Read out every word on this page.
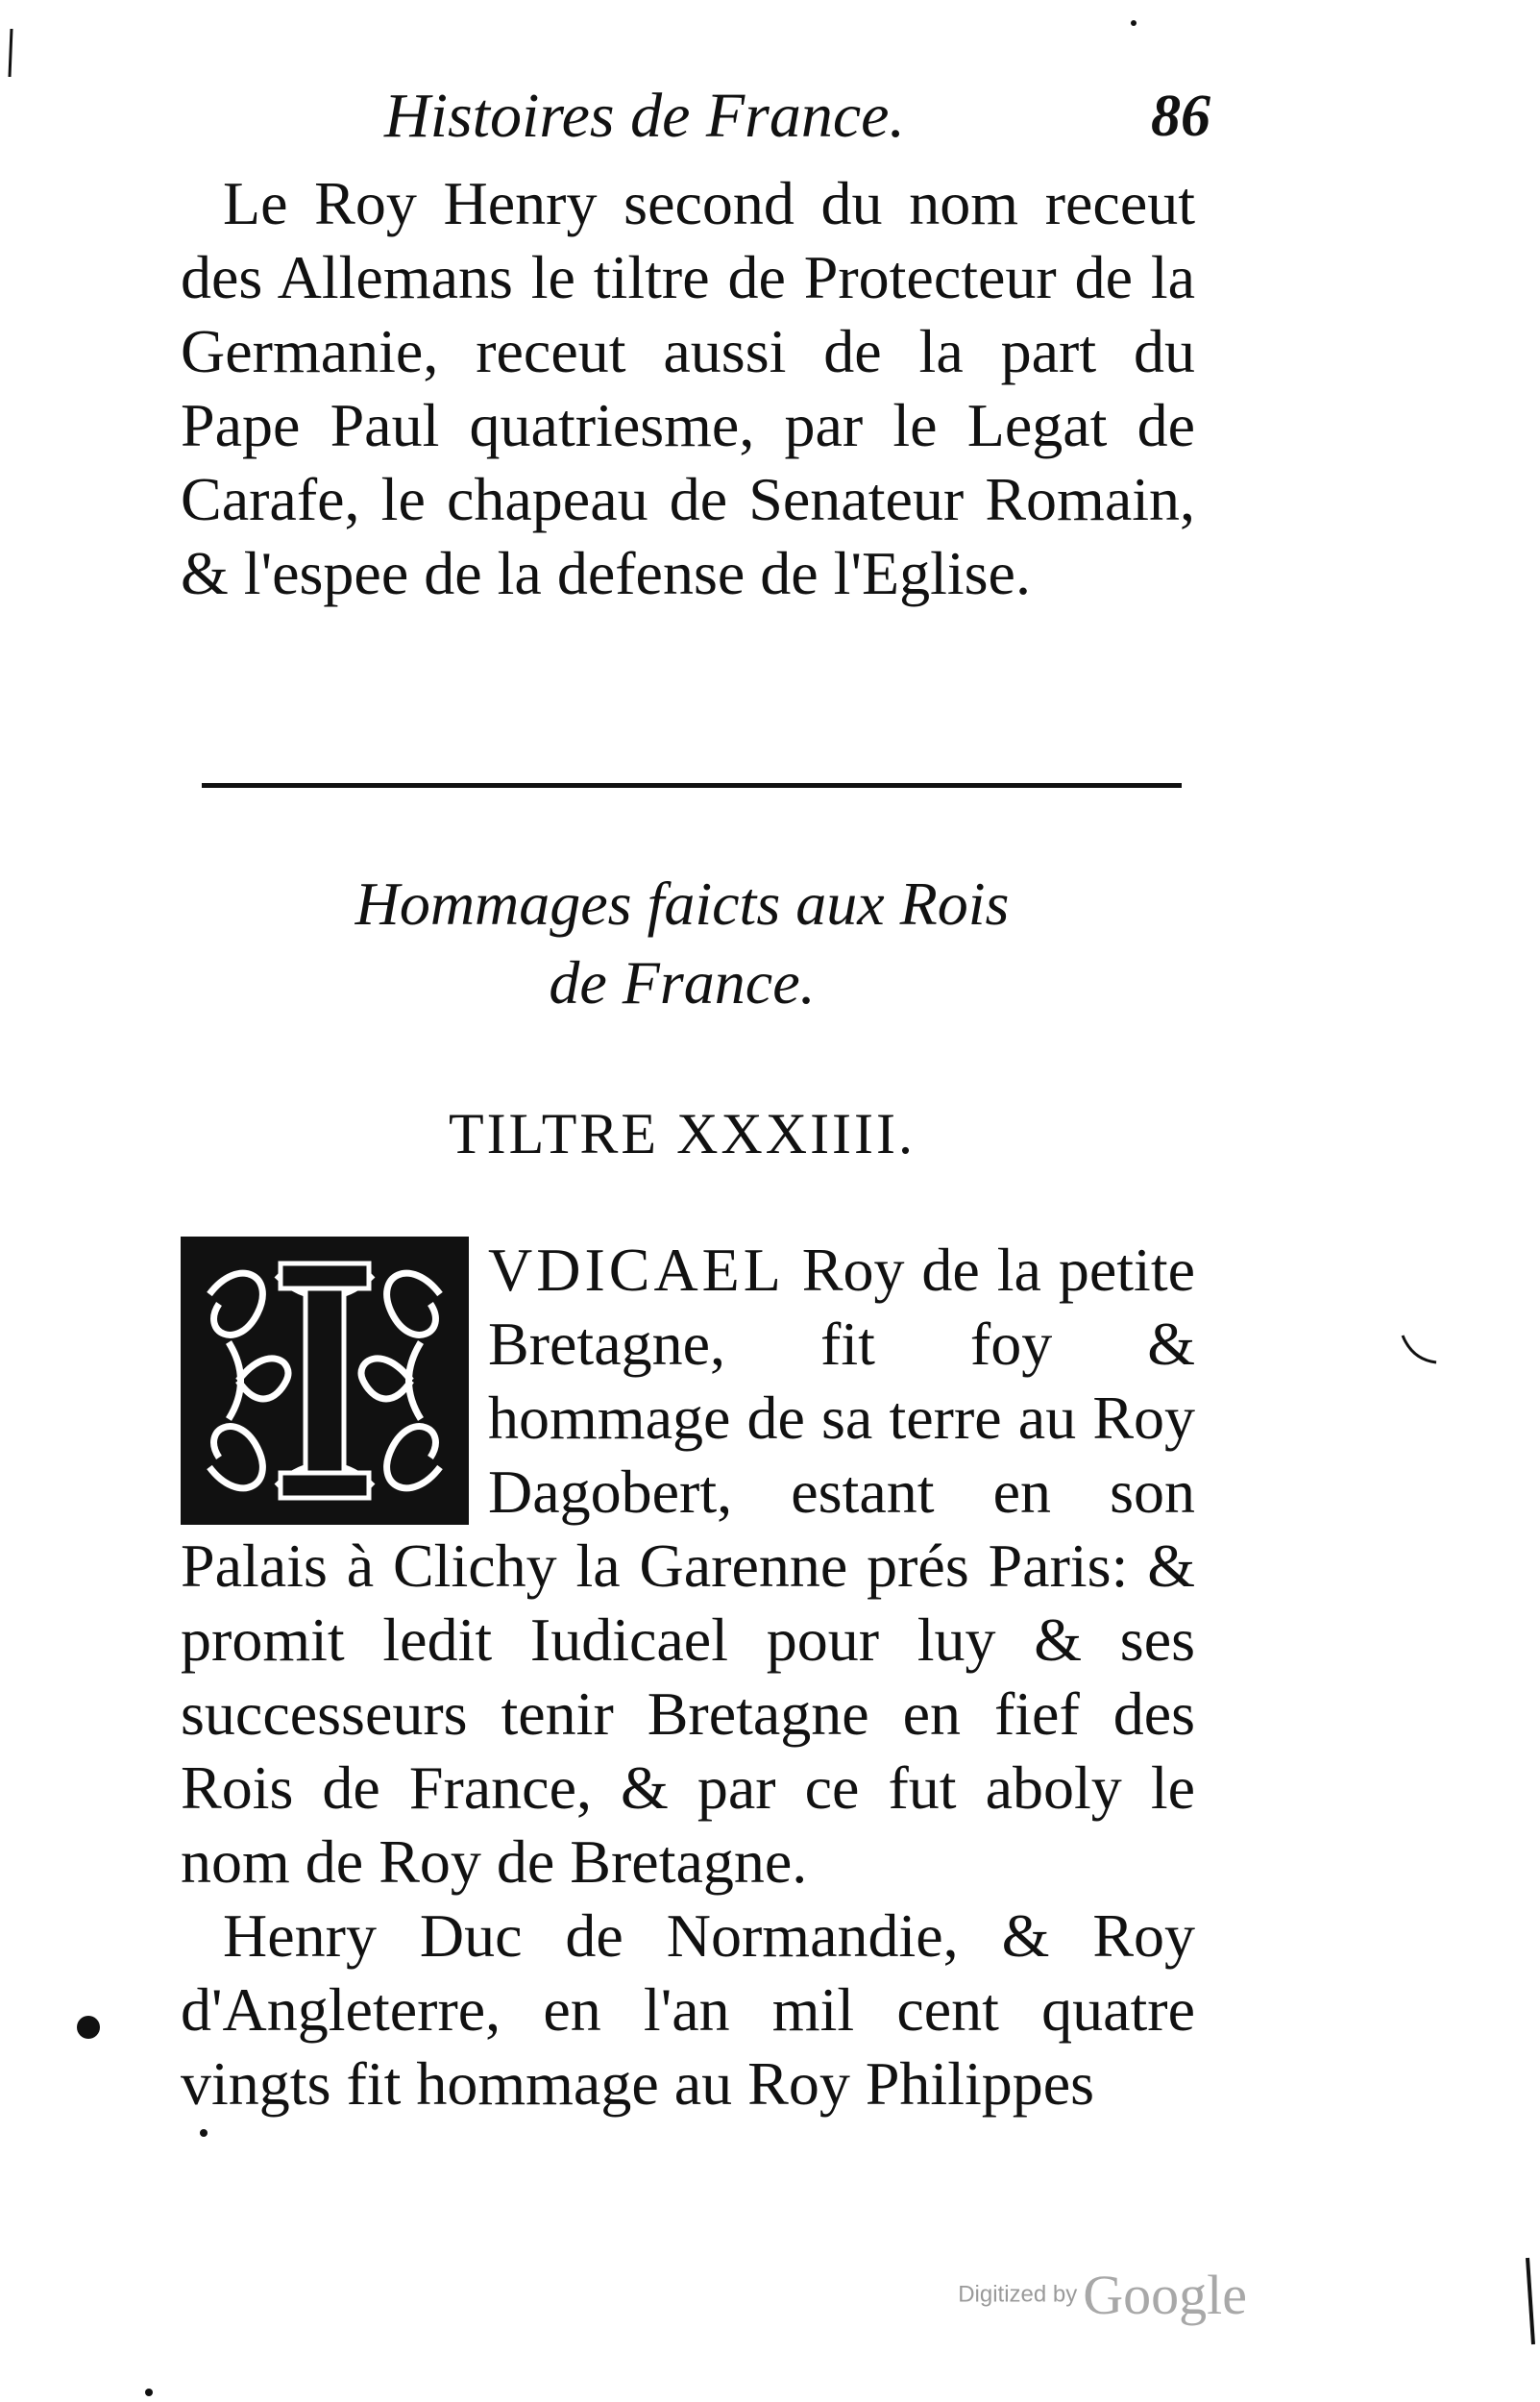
Histoires de France.	86

Le Roy Henry second du nom receut des Allemans le tiltre de Protecteur de la Germanie, receut aussi de la part du Pape Paul quatriesme, par le Legat de Carafe, le chapeau de Senateur Romain, & l'espee de la defense de l'Eglise.

Hommages faicts aux Rois
de France.
TILTRE XXXIIII.

VDICAEL Roy de la petite Bretagne, fit foy & hommage de sa terre au Roy Dagobert, estant en son Palais à Clichy la Garenne prés Paris: & promit ledit Iudicael pour luy & ses successeurs tenir Bretagne en fief des Rois de France, & par ce fut aboly le nom de Roy de Bretagne.

Henry Duc de Normandie, & Roy d'Angleterre, en l'an mil cent quatre vingts fit hommage au Roy Philippes

Digitized by Google
